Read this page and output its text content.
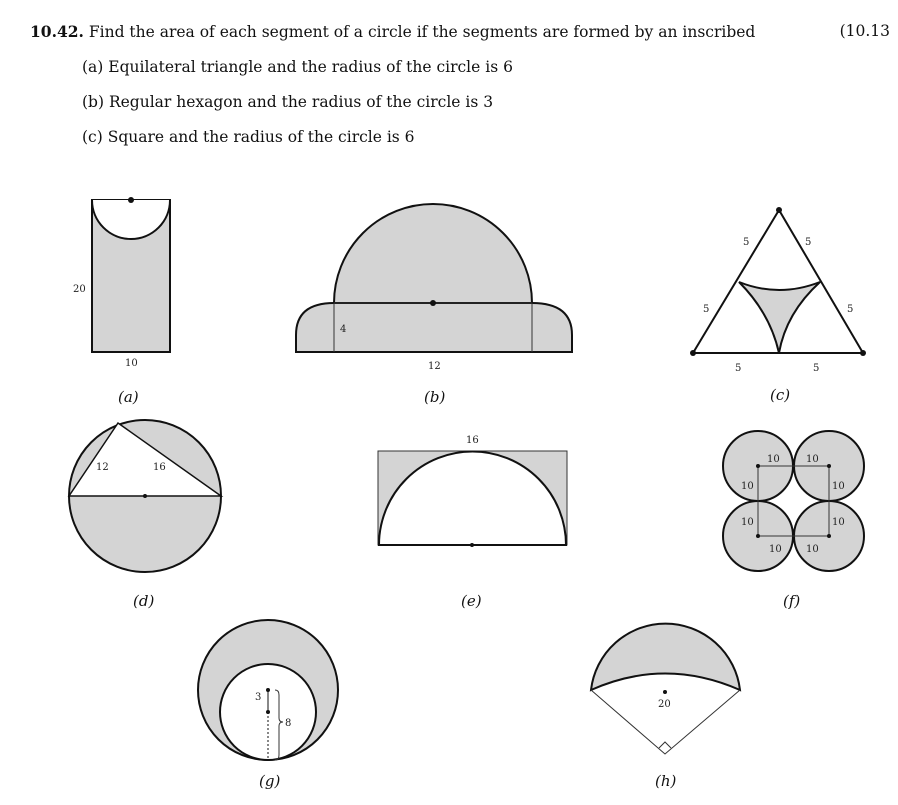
10.42. Find the area of each segment of a circle if the segments are formed by an inscribed	(10.13
(a) Equilateral triangle and the radius of the circle is 6
(b) Regular hexagon and the radius of the circle is 3
(c) Square and the radius of the circle is 6
20
10
(a)
4
12
(b)
5	5
5	5
5	5
(c)
12	16
(d)
16
(e)
10	10
10	10
10	10
10 10
(f)
3
8
(g)
20
(h)
